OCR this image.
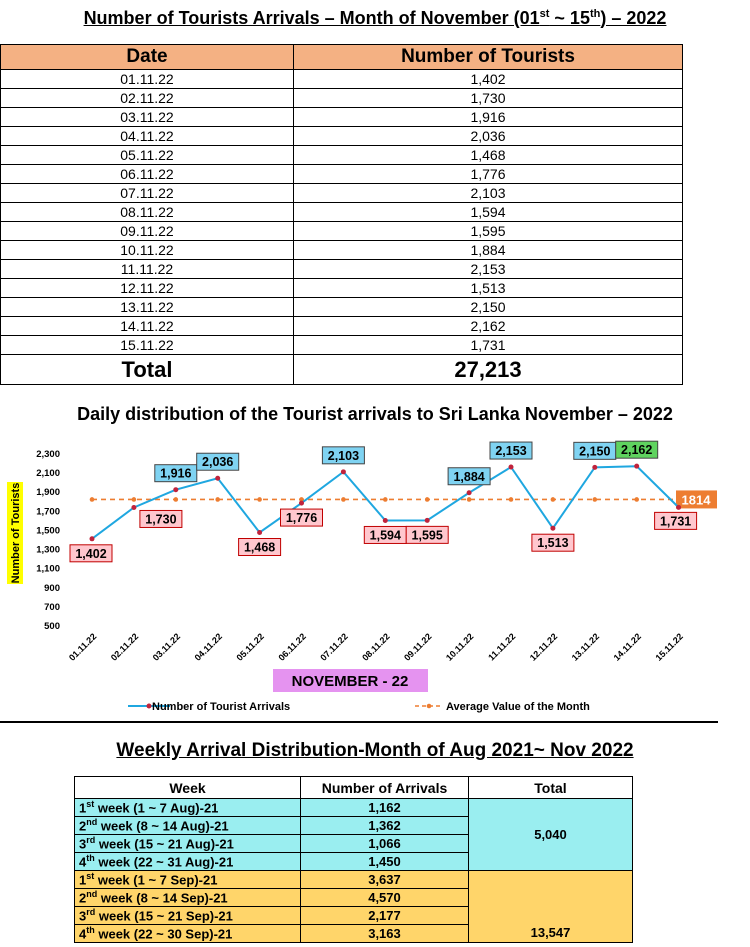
Number of Tourists Arrivals – Month of November (01st ~ 15th) – 2022
Date	Number of Tourists
01.11.22	1,402
02.11.22	1,730
03.11.22	1,916
04.11.22	2,036
05.11.22	1,468
06.11.22	1,776
07.11.22	2,103
08.11.22	1,594
09.11.22	1,595
10.11.22	1,884
11.11.22	2,153
12.11.22	1,513
13.11.22	2,150
14.11.22	2,162
15.11.22	1,731
Total	27,213
Daily distribution of the Tourist arrivals to Sri Lanka November – 2022
500
700
900
1,100
1,300
1,500
1,700
1,900
2,100
2,300
Number of Tourists	1814
1,402
1,730
1,916
2,036
1,468
1,776
2,103
1,594 1,595
1,884
2,153
1,513
2,150 2,162
1,731
01.11.22 02.11.22 03.11.22 04.11.22 05.11.22 06.11.22 07.11.22 08.11.22 09.11.22 10.11.22 11.11.22 12.11.22 13.11.22 14.11.22 15.11.22
NOVEMBER - 22
Number of Tourist Arrivals	Average Value of the Month
Weekly Arrival Distribution-Month of Aug 2021~ Nov 2022
Week	Number of Arrivals	Total
1st week (1 ~ 7 Aug)-21	1,162	5,040
2nd week (8 ~ 14 Aug)-21	1,362	
3rd week (15 ~ 21 Aug)-21	1,066	
4th week (22 ~ 31 Aug)-21	1,450	
1st week (1 ~ 7 Sep)-21	3,637	13,547
2nd week (8 ~ 14 Sep)-21	4,570	
3rd week (15 ~ 21 Sep)-21	2,177	
4th week (22 ~ 30 Sep)-21	3,163	
